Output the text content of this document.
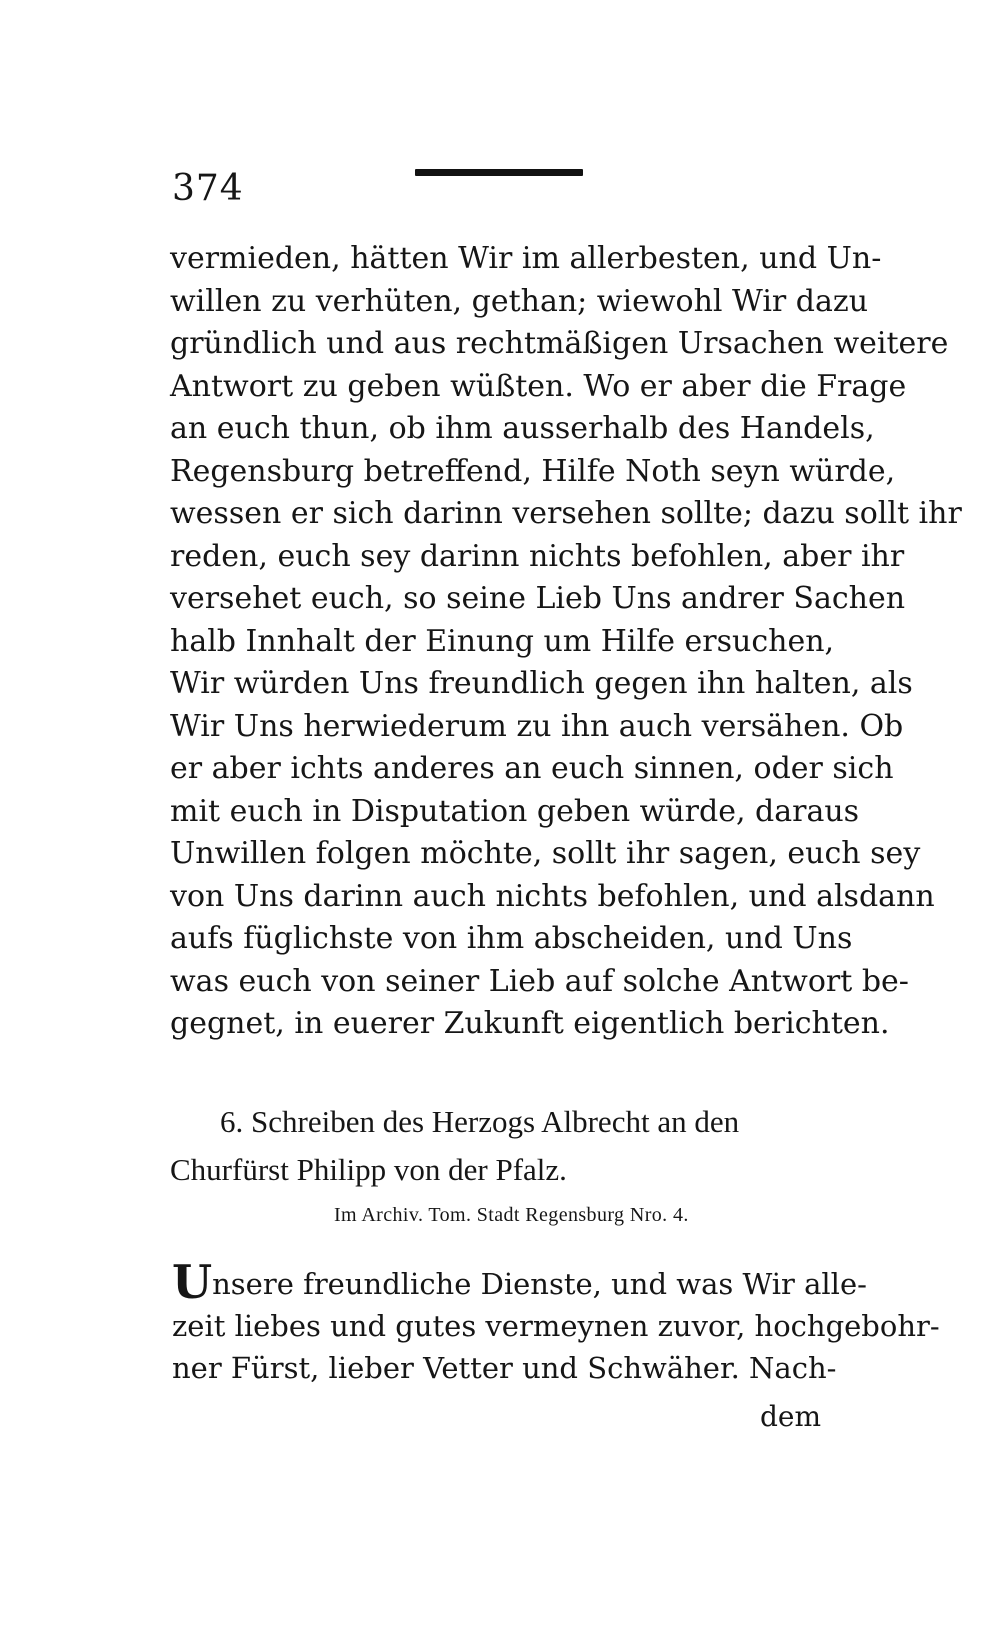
374
vermieden, hätten Wir im allerbesten, und Un-
willen zu verhüten, gethan; wiewohl Wir dazu
gründlich und aus rechtmäßigen Ursachen weitere
Antwort zu geben wüßten. Wo er aber die Frage
an euch thun, ob ihm ausserhalb des Handels,
Regensburg betreffend, Hilfe Noth seyn würde,
wessen er sich darinn versehen sollte; dazu sollt ihr
reden, euch sey darinn nichts befohlen, aber ihr
versehet euch, so seine Lieb Uns andrer Sachen
halb Innhalt der Einung um Hilfe ersuchen,
Wir würden Uns freundlich gegen ihn halten, als
Wir Uns herwiederum zu ihn auch versähen. Ob
er aber ichts anderes an euch sinnen, oder sich
mit euch in Disputation geben würde, daraus
Unwillen folgen möchte, sollt ihr sagen, euch sey
von Uns darinn auch nichts befohlen, und alsdann
aufs füglichste von ihm abscheiden, und Uns
was euch von seiner Lieb auf solche Antwort be-
gegnet, in euerer Zukunft eigentlich berichten.
6. Schreiben des Herzogs Albrecht an den
Churfürst Philipp von der Pfalz.
Im Archiv. Tom. Stadt Regensburg Nro. 4.
Unsere freundliche Dienste, und was Wir alle-
zeit liebes und gutes vermeynen zuvor, hochgebohr-
ner Fürst, lieber Vetter und Schwäher. Nach-
dem
